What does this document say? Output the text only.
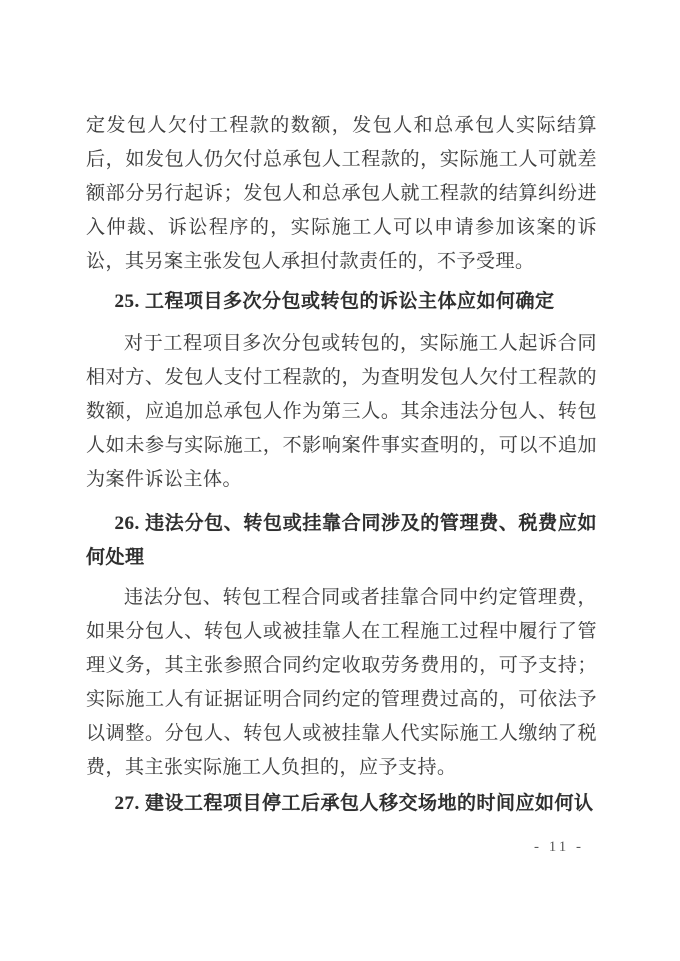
定发包人欠付工程款的数额，发包人和总承包人实际结算后，如发包人仍欠付总承包人工程款的，实际施工人可就差额部分另行起诉；发包人和总承包人就工程款的结算纠纷进入仲裁、诉讼程序的，实际施工人可以申请参加该案的诉讼，其另案主张发包人承担付款责任的，不予受理。

25. 工程项目多次分包或转包的诉讼主体应如何确定

对于工程项目多次分包或转包的，实际施工人起诉合同相对方、发包人支付工程款的，为查明发包人欠付工程款的数额，应追加总承包人作为第三人。其余违法分包人、转包人如未参与实际施工，不影响案件事实查明的，可以不追加为案件诉讼主体。

26. 违法分包、转包或挂靠合同涉及的管理费、税费应如何处理

违法分包、转包工程合同或者挂靠合同中约定管理费，如果分包人、转包人或被挂靠人在工程施工过程中履行了管理义务，其主张参照合同约定收取劳务费用的，可予支持；实际施工人有证据证明合同约定的管理费过高的，可依法予以调整。分包人、转包人或被挂靠人代实际施工人缴纳了税费，其主张实际施工人负担的，应予支持。

27. 建设工程项目停工后承包人移交场地的时间应如何认

- 11 -
